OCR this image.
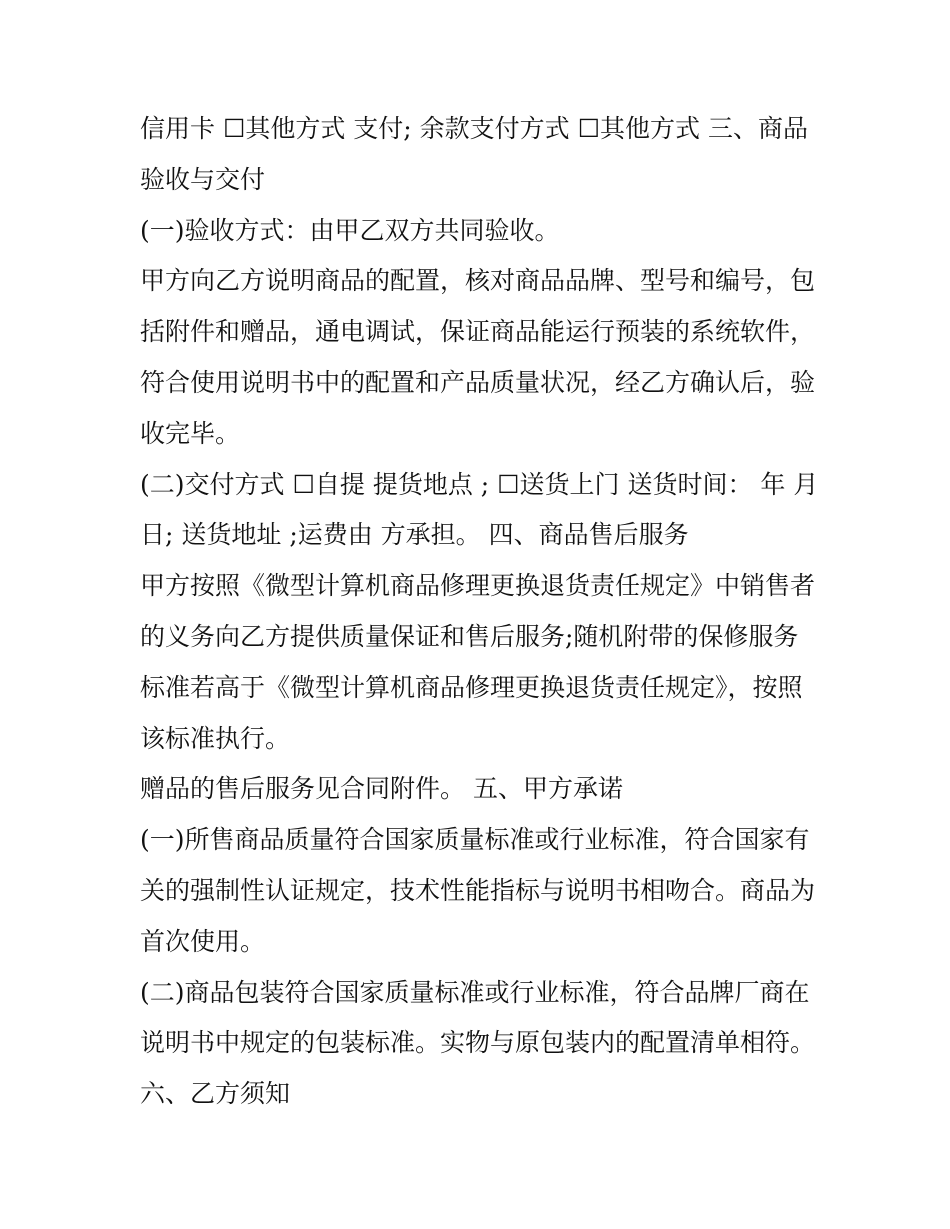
信用卡 ☐其他方式 支付; 余款支付方式 ☐其他方式 三、商品
验收与交付
(一)验收方式：由甲乙双方共同验收。
甲方向乙方说明商品的配置，核对商品品牌、型号和编号，包
括附件和赠品，通电调试，保证商品能运行预装的系统软件，
符合使用说明书中的配置和产品质量状况，经乙方确认后，验
收完毕。
(二)交付方式 ☐自提 提货地点 ; ☐送货上门 送货时间： 年 月
日; 送货地址 ;运费由 方承担。 四、商品售后服务
甲方按照《微型计算机商品修理更换退货责任规定》中销售者
的义务向乙方提供质量保证和售后服务;随机附带的保修服务
标准若高于《微型计算机商品修理更换退货责任规定》，按照
该标准执行。
赠品的售后服务见合同附件。 五、甲方承诺
(一)所售商品质量符合国家质量标准或行业标准，符合国家有
关的强制性认证规定，技术性能指标与说明书相吻合。商品为
首次使用。
(二)商品包装符合国家质量标准或行业标准，符合品牌厂商在
说明书中规定的包装标准。实物与原包装内的配置清单相符。
六、乙方须知
